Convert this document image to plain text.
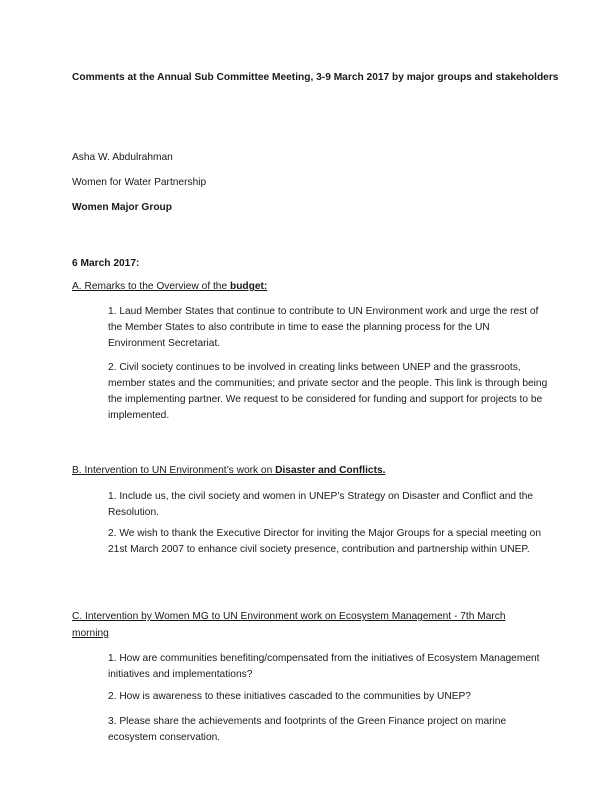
Comments at the Annual Sub Committee Meeting, 3-9 March 2017 by major groups and stakeholders

Asha W. Abdulrahman

Women for Water Partnership

Women Major Group

6 March 2017:

A. Remarks to the Overview of the budget:

1. Laud Member States that continue to contribute to UN Environment work and urge the rest of the Member States to also contribute in time to ease the planning process for the UN Environment Secretariat.

2. Civil society continues to be involved in creating links between UNEP and the grassroots, member states and the communities; and private sector and the people. This link is through being the implementing partner. We request to be considered for funding and support for projects to be implemented.

B. Intervention to UN Environment’s work on Disaster and Conflicts.

1. Include us, the civil society and women in UNEP’s Strategy on Disaster and Conflict and the Resolution.

2. We wish to thank the Executive Director for inviting the Major Groups for a special meeting on 21st March 2007 to enhance civil society presence, contribution and partnership within UNEP.

C. Intervention by Women MG to UN Environment work on Ecosystem Management - 7th March

morning

1. How are communities benefiting/compensated from the initiatives of Ecosystem Management initiatives and implementations?

2. How is awareness to these initiatives cascaded to the communities by UNEP?

3. Please share the achievements and footprints of the Green Finance project on marine ecosystem conservation.
